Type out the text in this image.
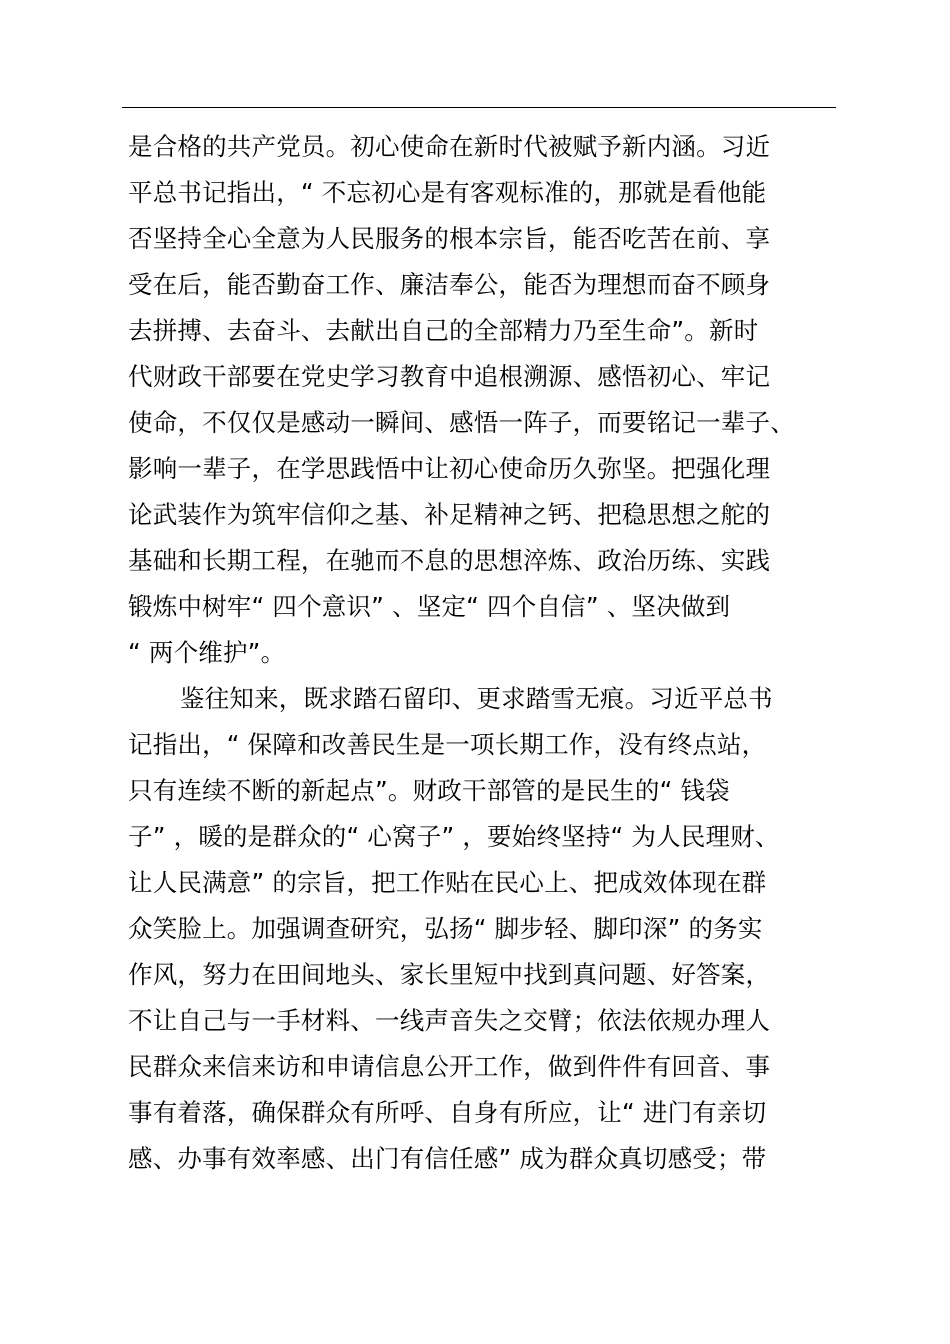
是合格的共产党员。初心使命在新时代被赋予新内涵。习近
平总书记指出，“ 不忘初心是有客观标准的，那就是看他能
否坚持全心全意为人民服务的根本宗旨，能否吃苦在前、享
受在后，能否勤奋工作、廉洁奉公，能否为理想而奋不顾身
去拼搏、去奋斗、去献出自己的全部精力乃至生命”。新时
代财政干部要在党史学习教育中追根溯源、感悟初心、牢记
使命，不仅仅是感动一瞬间、感悟一阵子，而要铭记一辈子、
影响一辈子，在学思践悟中让初心使命历久弥坚。把强化理
论武装作为筑牢信仰之基、补足精神之钙、把稳思想之舵的
基础和长期工程，在驰而不息的思想淬炼、政治历练、实践
锻炼中树牢“ 四个意识” 、坚定“ 四个自信” 、坚决做到
“ 两个维护”。
鉴往知来，既求踏石留印、更求踏雪无痕。习近平总书
记指出，“ 保障和改善民生是一项长期工作，没有终点站，
只有连续不断的新起点”。财政干部管的是民生的“ 钱袋
子” ，暖的是群众的“ 心窝子” ，要始终坚持“ 为人民理财、
让人民满意” 的宗旨，把工作贴在民心上、把成效体现在群
众笑脸上。加强调查研究，弘扬“ 脚步轻、脚印深” 的务实
作风，努力在田间地头、家长里短中找到真问题、好答案，
不让自己与一手材料、一线声音失之交臂；依法依规办理人
民群众来信来访和申请信息公开工作，做到件件有回音、事
事有着落，确保群众有所呼、自身有所应，让“ 进门有亲切
感、办事有效率感、出门有信任感” 成为群众真切感受；带
